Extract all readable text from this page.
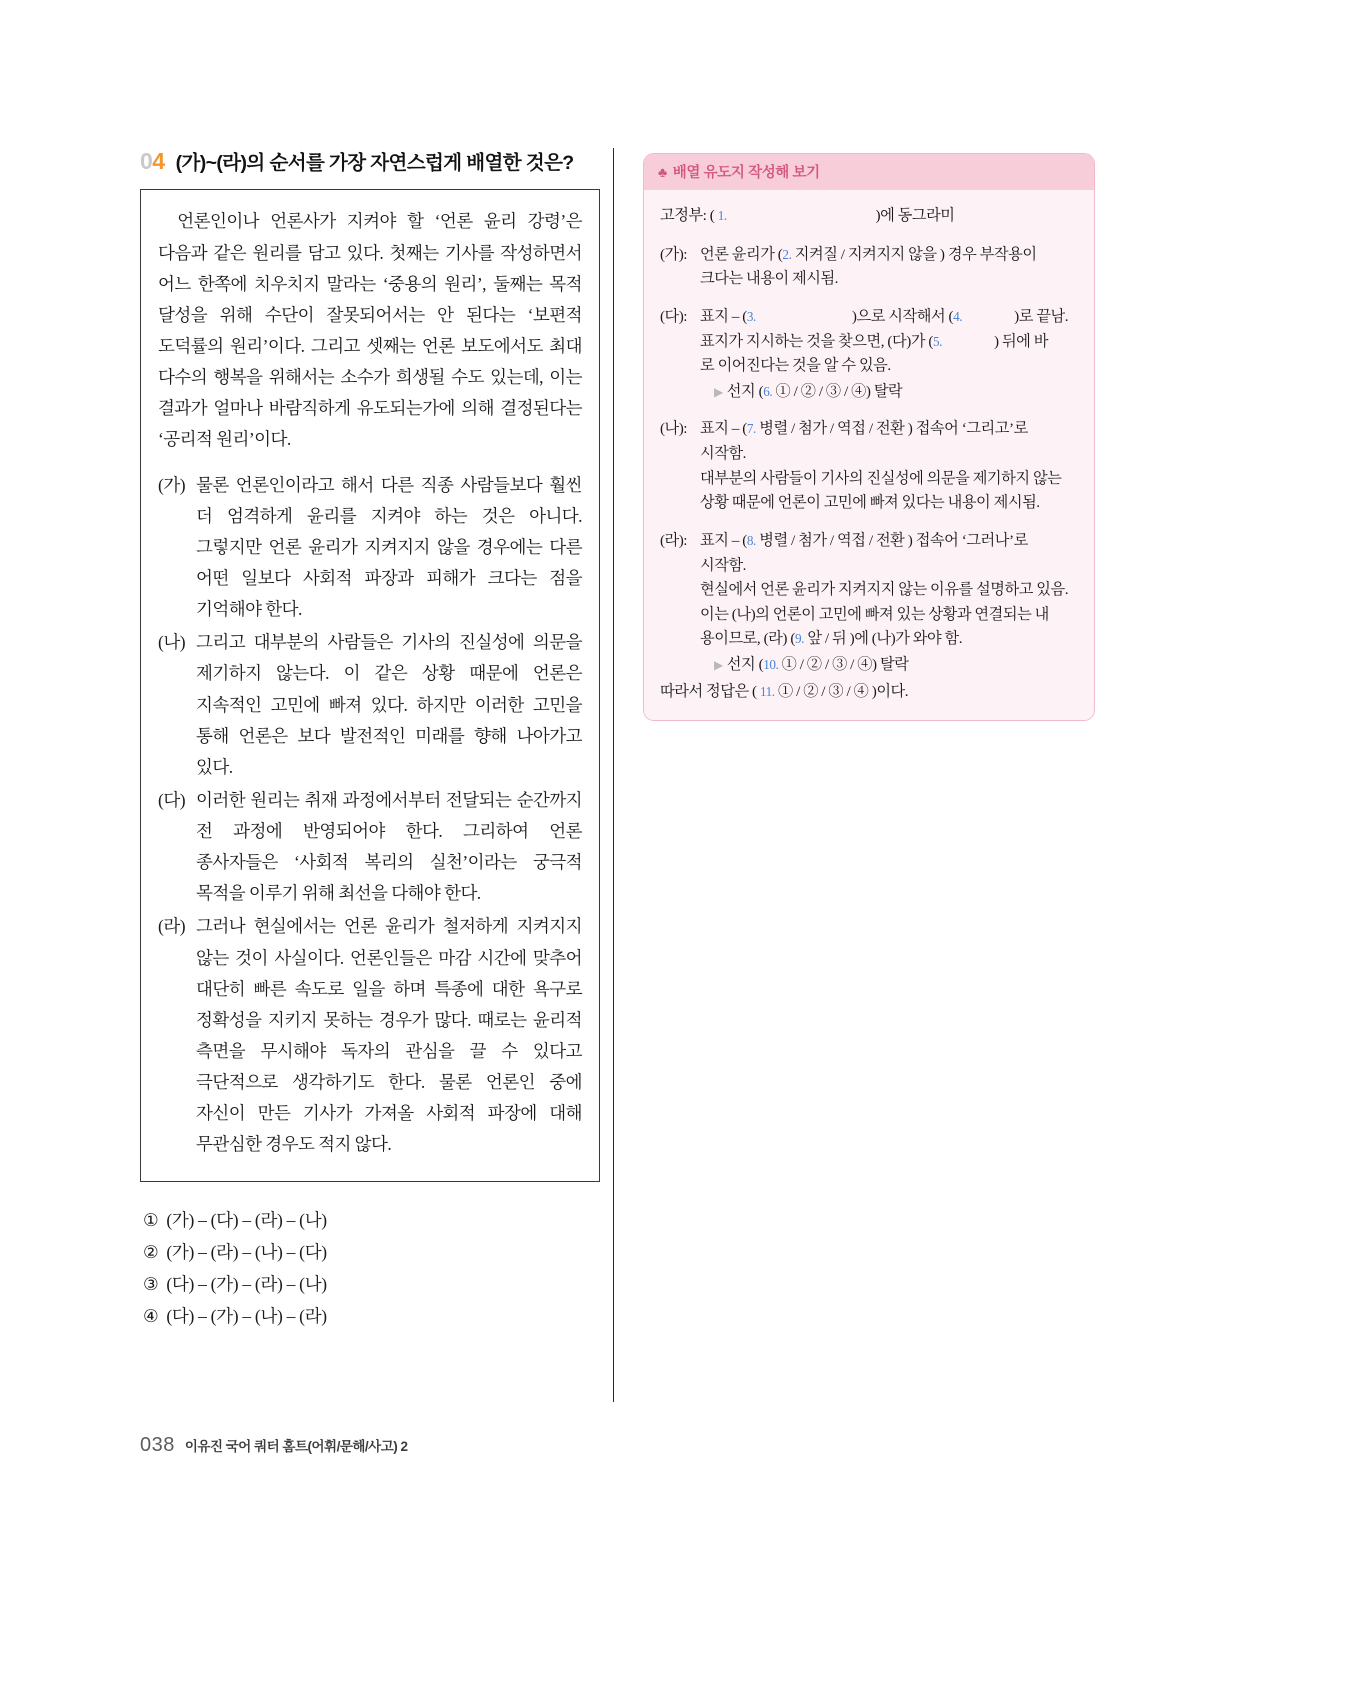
04 (가)~(라)의 순서를 가장 자연스럽게 배열한 것은?

언론인이나 언론사가 지켜야 할 ‘언론 윤리 강령’은 다음과 같은 원리를 담고 있다. 첫째는 기사를 작성하면서 어느 한쪽에 치우치지 말라는 ‘중용의 원리’, 둘째는 목적 달성을 위해 수단이 잘못되어서는 안 된다는 ‘보편적 도덕률의 원리’이다. 그리고 셋째는 언론 보도에서도 최대 다수의 행복을 위해서는 소수가 희생될 수도 있는데, 이는 결과가 얼마나 바람직하게 유도되는가에 의해 결정된다는 ‘공리적 원리’이다.

(가) 물론 언론인이라고 해서 다른 직종 사람들보다 훨씬 더 엄격하게 윤리를 지켜야 하는 것은 아니다. 그렇지만 언론 윤리가 지켜지지 않을 경우에는 다른 어떤 일보다 사회적 파장과 피해가 크다는 점을 기억해야 한다.
(나) 그리고 대부분의 사람들은 기사의 진실성에 의문을 제기하지 않는다. 이 같은 상황 때문에 언론은 지속적인 고민에 빠져 있다. 하지만 이러한 고민을 통해 언론은 보다 발전적인 미래를 향해 나아가고 있다.
(다) 이러한 원리는 취재 과정에서부터 전달되는 순간까지 전 과정에 반영되어야 한다. 그리하여 언론 종사자들은 ‘사회적 복리의 실천’이라는 궁극적 목적을 이루기 위해 최선을 다해야 한다.
(라) 그러나 현실에서는 언론 윤리가 철저하게 지켜지지 않는 것이 사실이다. 언론인들은 마감 시간에 맞추어 대단히 빠른 속도로 일을 하며 특종에 대한 욕구로 정확성을 지키지 못하는 경우가 많다. 때로는 윤리적 측면을 무시해야 독자의 관심을 끌 수 있다고 극단적으로 생각하기도 한다. 물론 언론인 중에 자신이 만든 기사가 가져올 사회적 파장에 대해 무관심한 경우도 적지 않다.
① (가) – (다) – (라) – (나)
② (가) – (라) – (나) – (다)
③ (다) – (가) – (라) – (나)
④ (다) – (가) – (나) – (라)
♣ 배열 유도지 작성해 보기
고정부: ( 1.	)에 동그라미
(가): 언론 윤리가 (2. 지켜질 / 지켜지지 않을 ) 경우 부작용이
크다는 내용이 제시됨.
(다): 표지 – (3.	)으로 시작해서 (4.	)로 끝남.
표지가 지시하는 것을 찾으면, (다)가 (5.	) 뒤에 바
로 이어진다는 것을 알 수 있음.
▶ 선지 (6. ① / ② / ③ / ④) 탈락
(나): 표지 – (7. 병렬 / 첨가 / 역접 / 전환 ) 접속어 ‘그리고’로
시작함.
대부분의 사람들이 기사의 진실성에 의문을 제기하지 않는
상황 때문에 언론이 고민에 빠져 있다는 내용이 제시됨.
(라): 표지 – (8. 병렬 / 첨가 / 역접 / 전환 ) 접속어 ‘그러나’로
시작함.
현실에서 언론 윤리가 지켜지지 않는 이유를 설명하고 있음.
이는 (나)의 언론이 고민에 빠져 있는 상황과 연결되는 내
용이므로, (라) (9. 앞 / 뒤 )에 (나)가 와야 함.
▶ 선지 (10. ① / ② / ③ / ④) 탈락
따라서 정답은 ( 11. ① / ② / ③ / ④ )이다.
038 이유진 국어 쿼터 홈트(어휘/문해/사고) 2
